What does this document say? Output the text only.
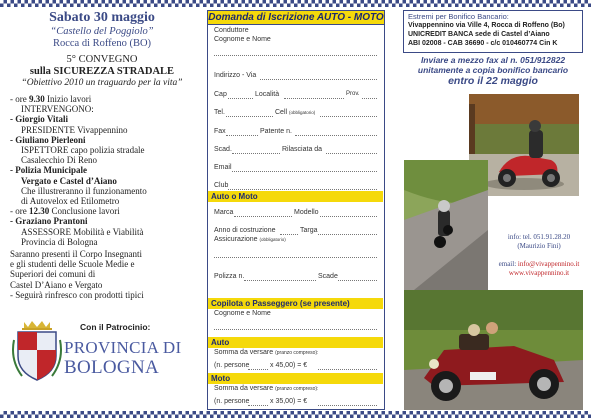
Sabato 30 maggio
“Castello del Poggiolo”
Rocca di Roffeno (BO)
5° CONVEGNO
sulla SICUREZZA STRADALE
“Obiettivo 2010 un traguardo per la vita”

- ore 9.30 Inizio lavori

INTERVENGONO:

- Giorgio Vitali

PRESIDENTE Vivappennino

- Giuliano Pierleoni

ISPETTORE capo polizia stradale

Casalecchio Di Reno

- Polizia Municipale

Vergato e Castel d’Aiano

Che illustreranno il funzionamento

di Autovelox ed Etilometro

- ore 12.30 Conclusione lavori

- Graziano Prantoni

ASSESSORE Mobilità e Viabilità

Provincia di Bologna

Saranno presenti il Corpo Insegnanti

e gli studenti delle Scuole Medie e

Superiori dei comuni di

Castel D’Aiano e Vergato

- Seguirà rinfresco con prodotti tipici

Con il Patrocinio:
PROVINCIA DI
BOLOGNA
Domanda di Iscrizione AUTO - MOTO
Conduttore
Cognome e Nome
Indirizzo - Via
Cap	Località	Prov.
Tel.	Cell (obbligatorio)
Fax	Patente n.
Scad.	Rilasciata da
Email
Club
Auto o Moto
Marca	Modello
Anno di costruzione	Targa
Assicurazione (obbligatorio)
Polizza n.	Scade
Copilota o Passeggero (se presente)
Cognome e Nome
Auto
Somma da versare (pranzo compreso):
(n. persone	x 45,00) = €
Moto
Somma da versare (pranzo compreso):
(n. persone	x 35,00) = €
Estremi per Bonifico Bancario:
Vivappennino via Ville 4, Rocca di Roffeno (Bo)
UNICREDIT BANCA sede di Castel d’Aiano
ABI 02008 - CAB 36690 - c/c 010460774 Cin K
Inviare a mezzo fax al n. 051/912822
unitamente a copia bonifico bancario
entro il 22 maggio
info: tel. 051.91.28.20
(Maurizio Fini)
email: info@vivappennino.it
www.vivappennino.it
